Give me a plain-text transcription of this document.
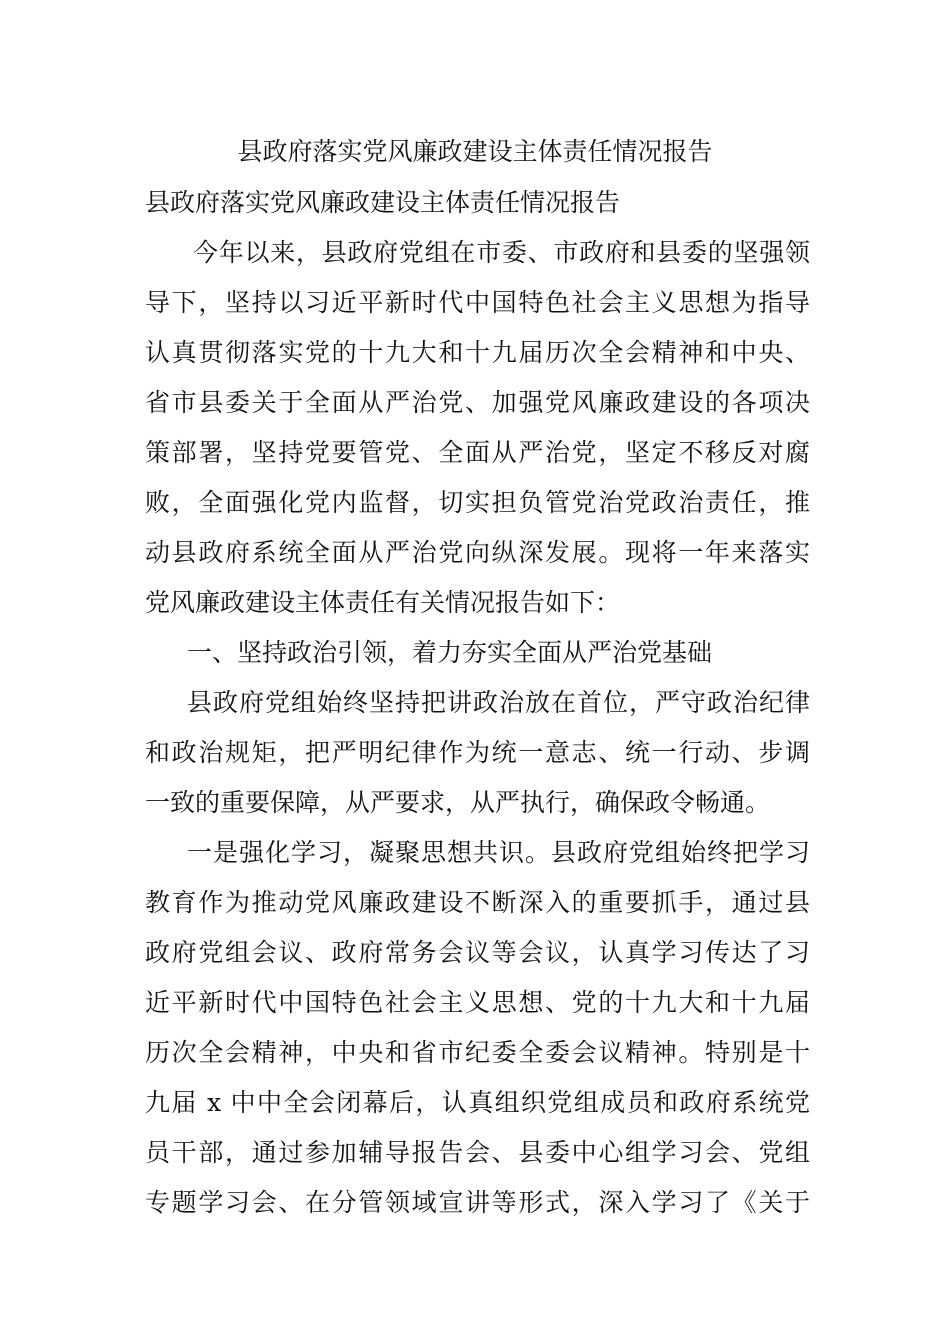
县政府落实党风廉政建设主体责任情况报告
县政府落实党风廉政建设主体责任情况报告
今年以来，县政府党组在市委、市政府和县委的坚强领
导下，坚持以习近平新时代中国特色社会主义思想为指导
认真贯彻落实党的十九大和十九届历次全会精神和中央、
省市县委关于全面从严治党、加强党风廉政建设的各项决
策部署，坚持党要管党、全面从严治党，坚定不移反对腐
败，全面强化党内监督，切实担负管党治党政治责任，推
动县政府系统全面从严治党向纵深发展。现将一年来落实
党风廉政建设主体责任有关情况报告如下：
一、坚持政治引领，着力夯实全面从严治党基础
县政府党组始终坚持把讲政治放在首位，严守政治纪律
和政治规矩，把严明纪律作为统一意志、统一行动、步调
一致的重要保障，从严要求，从严执行，确保政令畅通。
一是强化学习，凝聚思想共识。县政府党组始终把学习
教育作为推动党风廉政建设不断深入的重要抓手，通过县
政府党组会议、政府常务会议等会议，认真学习传达了习
近平新时代中国特色社会主义思想、党的十九大和十九届
历次全会精神，中央和省市纪委全委会议精神。特别是十
九届 x 中中全会闭幕后，认真组织党组成员和政府系统党
员干部，通过参加辅导报告会、县委中心组学习会、党组
专题学习会、在分管领域宣讲等形式，深入学习了《关于
